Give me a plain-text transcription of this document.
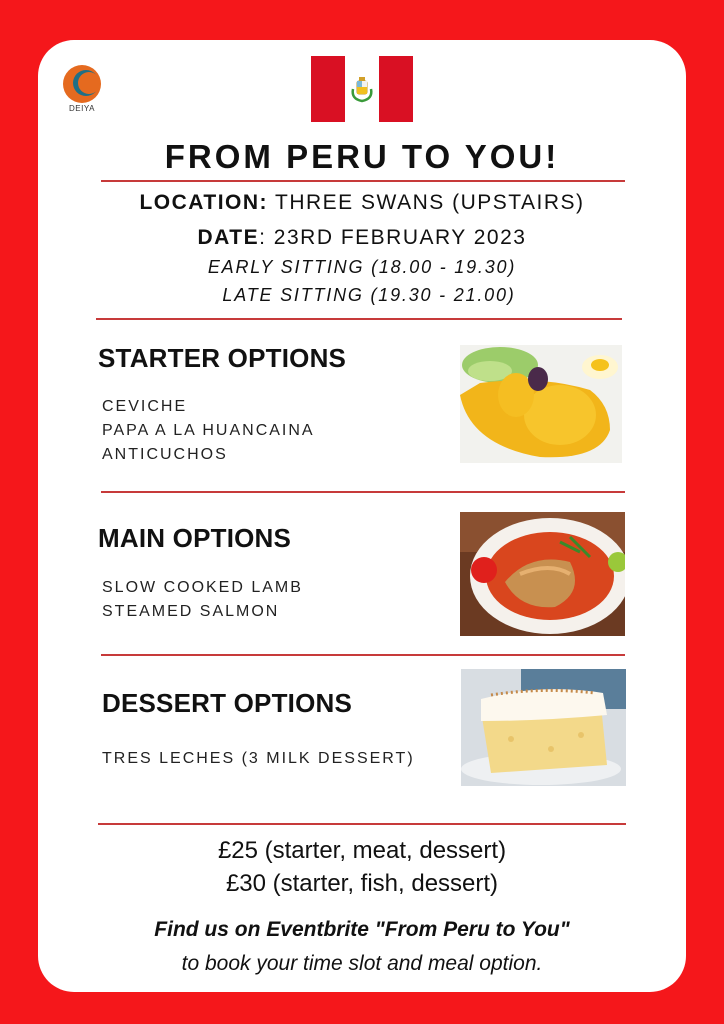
DEIYA
FROM PERU TO YOU!
LOCATION: THREE SWANS (UPSTAIRS)
DATE: 23RD FEBRUARY 2023
EARLY SITTING (18.00 - 19.30)
LATE SITTING (19.30 - 21.00)
STARTER OPTIONS
CEVICHE
PAPA A LA HUANCAINA
ANTICUCHOS
MAIN OPTIONS
SLOW COOKED LAMB
STEAMED SALMON
DESSERT OPTIONS
TRES LECHES (3 MILK DESSERT)
£25 (starter, meat, dessert)
£30 (starter, fish, dessert)
Find us on Eventbrite "From Peru to You"
to book your time slot and meal option.
